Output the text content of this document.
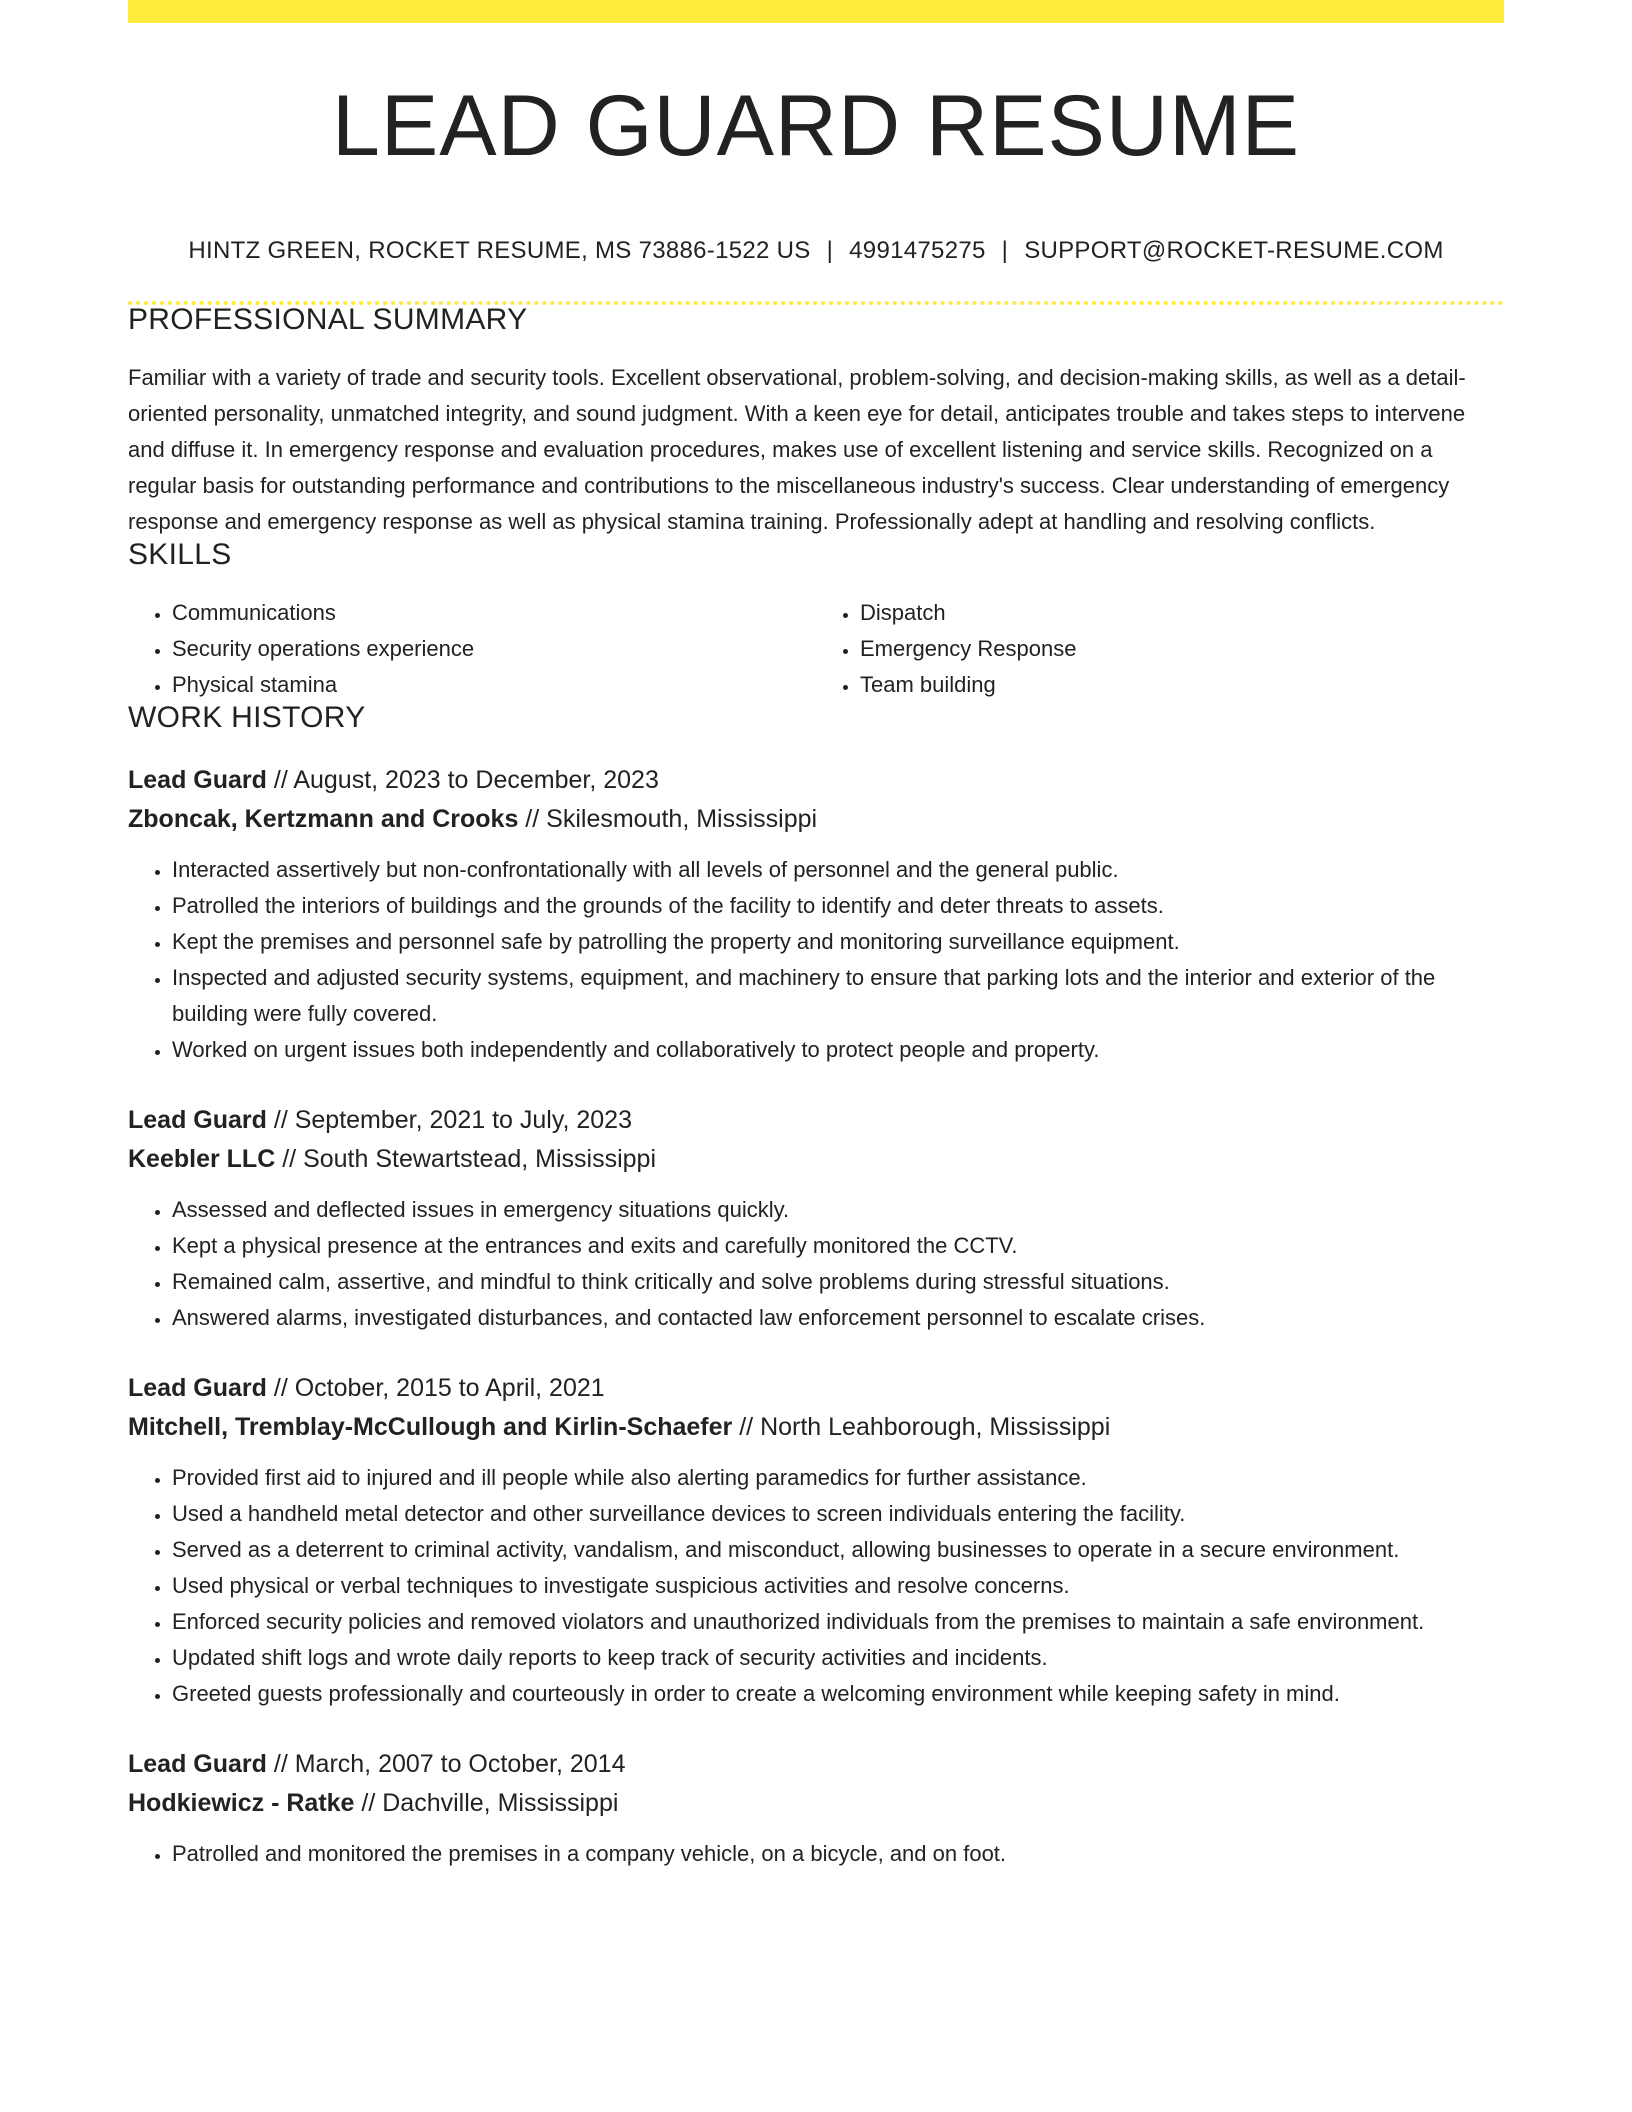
LEAD GUARD RESUME
HINTZ GREEN, ROCKET RESUME, MS 73886-1522 US | 4991475275 | SUPPORT@ROCKET-RESUME.COM
PROFESSIONAL SUMMARY

Familiar with a variety of trade and security tools. Excellent observational, problem-solving, and decision-making skills, as well as a detail-oriented personality, unmatched integrity, and sound judgment. With a keen eye for detail, anticipates trouble and takes steps to intervene and diffuse it. In emergency response and evaluation procedures, makes use of excellent listening and service skills. Recognized on a regular basis for outstanding performance and contributions to the miscellaneous industry's success. Clear understanding of emergency response and emergency response as well as physical stamina training. Professionally adept at handling and resolving conflicts.

SKILLS
• Communications
• Security operations experience
• Physical stamina
• Dispatch
• Emergency Response
• Team building
WORK HISTORY
Lead Guard // August, 2023 to December, 2023
Zboncak, Kertzmann and Crooks // Skilesmouth, Mississippi
• Interacted assertively but non-confrontationally with all levels of personnel and the general public.
• Patrolled the interiors of buildings and the grounds of the facility to identify and deter threats to assets.
• Kept the premises and personnel safe by patrolling the property and monitoring surveillance equipment.
• Inspected and adjusted security systems, equipment, and machinery to ensure that parking lots and the interior and exterior of the building were fully covered.
• Worked on urgent issues both independently and collaboratively to protect people and property.
Lead Guard // September, 2021 to July, 2023
Keebler LLC // South Stewartstead, Mississippi
• Assessed and deflected issues in emergency situations quickly.
• Kept a physical presence at the entrances and exits and carefully monitored the CCTV.
• Remained calm, assertive, and mindful to think critically and solve problems during stressful situations.
• Answered alarms, investigated disturbances, and contacted law enforcement personnel to escalate crises.
Lead Guard // October, 2015 to April, 2021
Mitchell, Tremblay-McCullough and Kirlin-Schaefer // North Leahborough, Mississippi
• Provided first aid to injured and ill people while also alerting paramedics for further assistance.
• Used a handheld metal detector and other surveillance devices to screen individuals entering the facility.
• Served as a deterrent to criminal activity, vandalism, and misconduct, allowing businesses to operate in a secure environment.
• Used physical or verbal techniques to investigate suspicious activities and resolve concerns.
• Enforced security policies and removed violators and unauthorized individuals from the premises to maintain a safe environment.
• Updated shift logs and wrote daily reports to keep track of security activities and incidents.
• Greeted guests professionally and courteously in order to create a welcoming environment while keeping safety in mind.
Lead Guard // March, 2007 to October, 2014
Hodkiewicz - Ratke // Dachville, Mississippi
• Patrolled and monitored the premises in a company vehicle, on a bicycle, and on foot.
